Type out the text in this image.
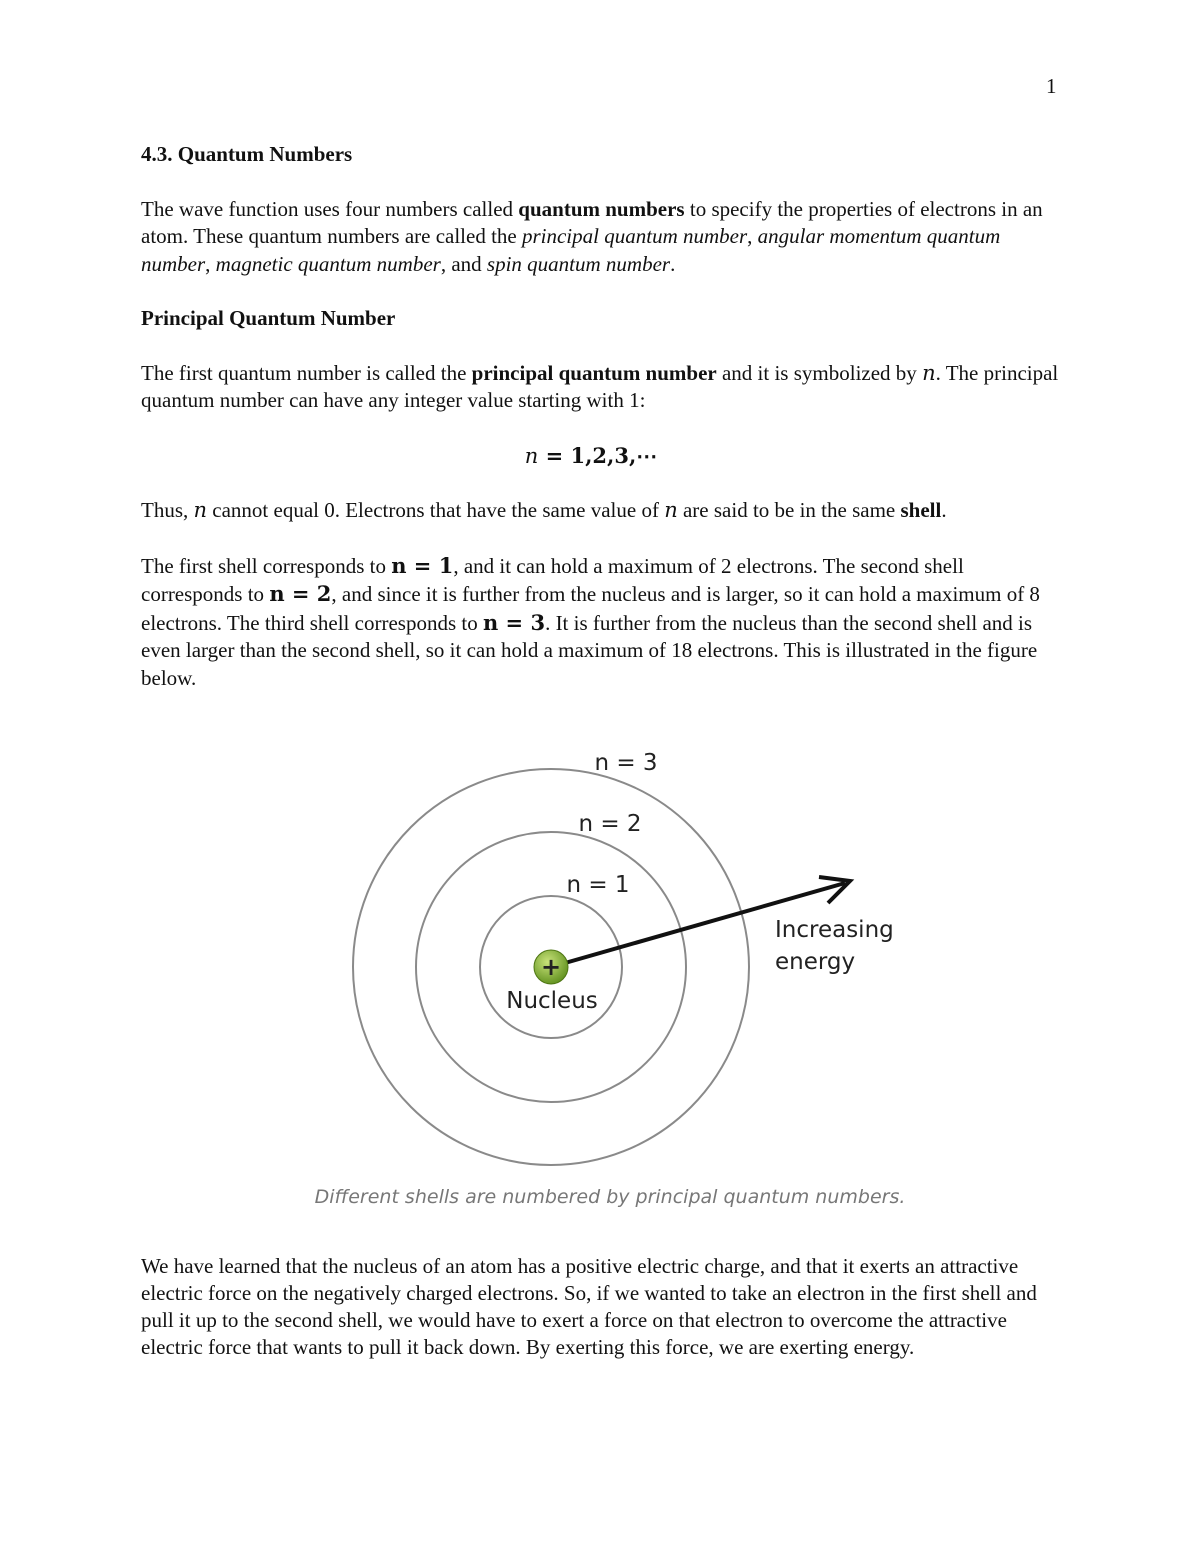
1

4.3. Quantum Numbers

The wave function uses four numbers called quantum numbers to specify the properties of electrons in an atom. These quantum numbers are called the principal quantum number, angular momentum quantum number, magnetic quantum number, and spin quantum number.

Principal Quantum Number

The first quantum number is called the principal quantum number and it is symbolized by n. The principal quantum number can have any integer value starting with 1:

n = 1,2,3,⋯

Thus, n cannot equal 0. Electrons that have the same value of n are said to be in the same shell.

The first shell corresponds to n = 1, and it can hold a maximum of 2 electrons. The second shell corresponds to n = 2, and since it is further from the nucleus and is larger, so it can hold a maximum of 8 electrons. The third shell corresponds to n = 3. It is further from the nucleus than the second shell and is even larger than the second shell, so it can hold a maximum of 18 electrons. This is illustrated in the figure below.

+
Nucleus
n = 1
n = 2
n = 3
Increasing
energy
Different shells are numbered by principal quantum numbers.

We have learned that the nucleus of an atom has a positive electric charge, and that it exerts an attractive electric force on the negatively charged electrons. So, if we wanted to take an electron in the first shell and pull it up to the second shell, we would have to exert a force on that electron to overcome the attractive electric force that wants to pull it back down. By exerting this force, we are exerting energy.
